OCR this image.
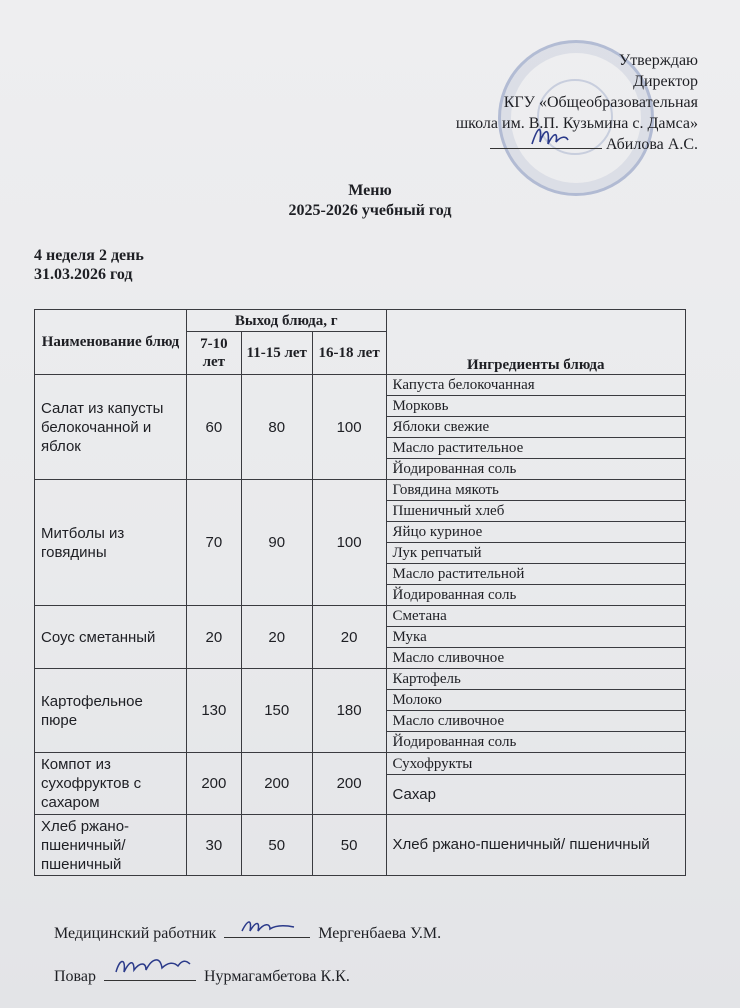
Утверждаю
Директор
КГУ «Общеобразовательная
школа им. В.П. Кузьмина с. Дамса»
Абилова А.С.
Меню
2025-2026 учебный год
4 неделя 2 день
31.03.2026 год
Наименование блюд	Выход блюда, г			Ингредиенты блюда
	7-10 лет	11-15 лет	16-18 лет	
Салат из капусты белокочанной и яблок	60	80	100	Капуста белокочанная
				Морковь
				Яблоки свежие
				Масло растительное
				Йодированная соль
Митболы из говядины	70	90	100	Говядина мякоть
				Пшеничный хлеб
				Яйцо куриное
				Лук репчатый
				Масло растительной
				Йодированная соль
Соус сметанный	20	20	20	Сметана
				Мука
				Масло сливочное
Картофельное пюре	130	150	180	Картофель
				Молоко
				Масло сливочное
				Йодированная соль
Компот из сухофруктов с сахаром	200	200	200	Сухофрукты
				Сахар
Хлеб ржано-пшеничный/ пшеничный	30	50	50	Хлеб ржано-пшеничный/ пшеничный
Медицинский работник	Мергенбаева У.М.
Повар	Нурмагамбетова К.К.
